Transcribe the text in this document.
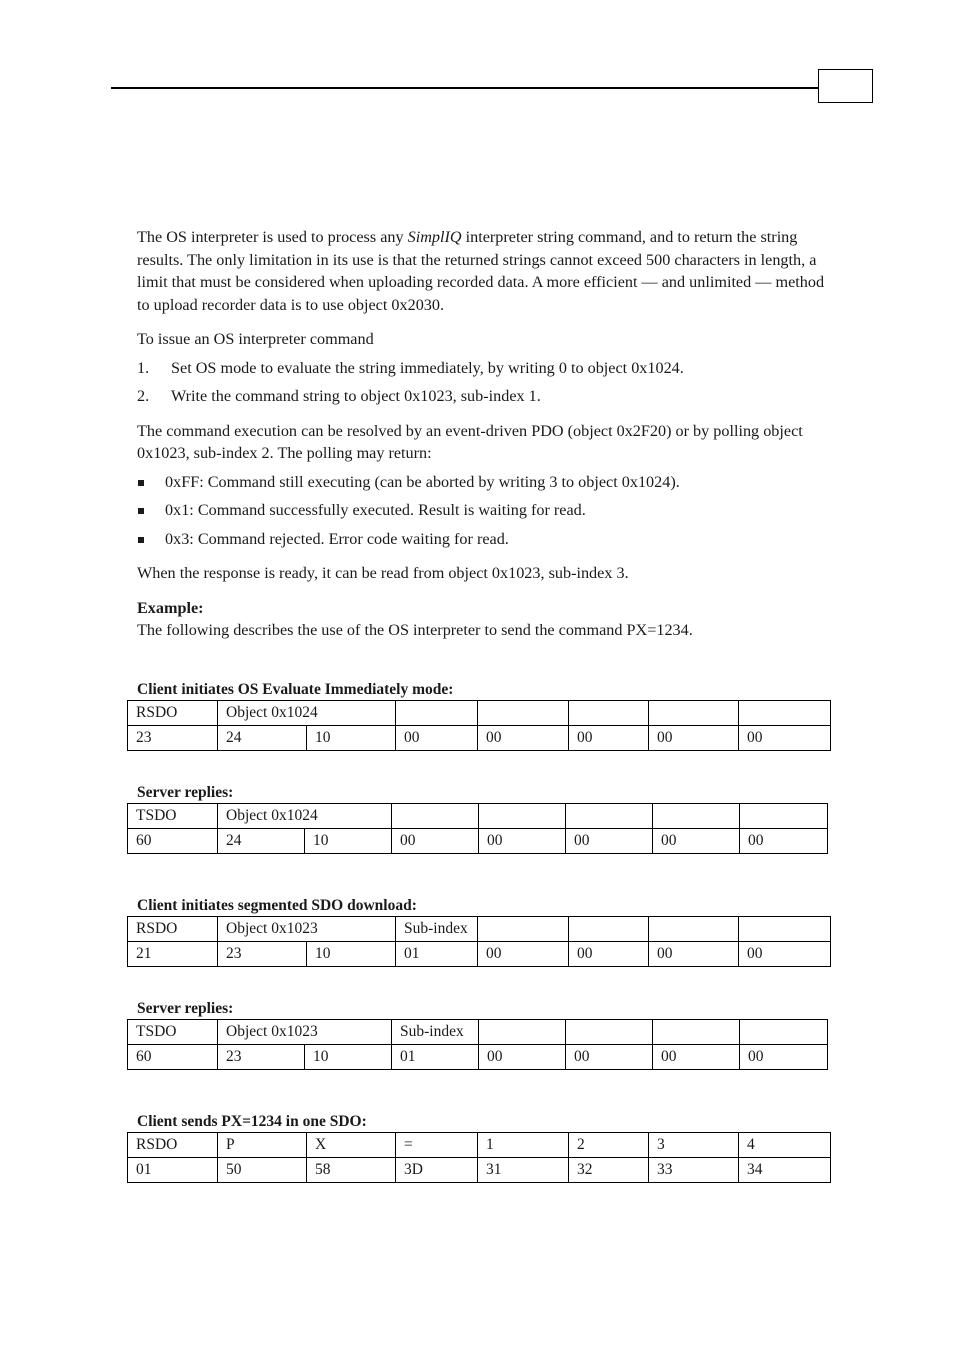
The OS interpreter is used to process any SimplIQ interpreter string command, and to return the string results. The only limitation in its use is that the returned strings cannot exceed 500 characters in length, a limit that must be considered when uploading recorded data. A more efficient — and unlimited — method to upload recorder data is to use object 0x2030.

To issue an OS interpreter command

1. Set OS mode to evaluate the string immediately, by writing 0 to object 0x1024.
2. Write the command string to object 0x1023, sub-index 1.

The command execution can be resolved by an event-driven PDO (object 0x2F20) or by polling object 0x1023, sub-index 2. The polling may return:

0xFF: Command still executing (can be aborted by writing 3 to object 0x1024).
0x1: Command successfully executed. Result is waiting for read.
0x3: Command rejected. Error code waiting for read.

When the response is ready, it can be read from object 0x1023, sub-index 3.

Example:

The following describes the use of the OS interpreter to send the command PX=1234.

Client initiates OS Evaluate Immediately mode:
RSDO	Object 0x1024						
23	24	10	00	00	00	00	00
Server replies:
TSDO	Object 0x1024						
60	24	10	00	00	00	00	00
Client initiates segmented SDO download:
RSDO	Object 0x1023		Sub-index				
21	23	10	01	00	00	00	00
Server replies:
TSDO	Object 0x1023		Sub-index				
60	23	10	01	00	00	00	00
Client sends PX=1234 in one SDO:
RSDO	P	X	=	1	2	3	4
01	50	58	3D	31	32	33	34
